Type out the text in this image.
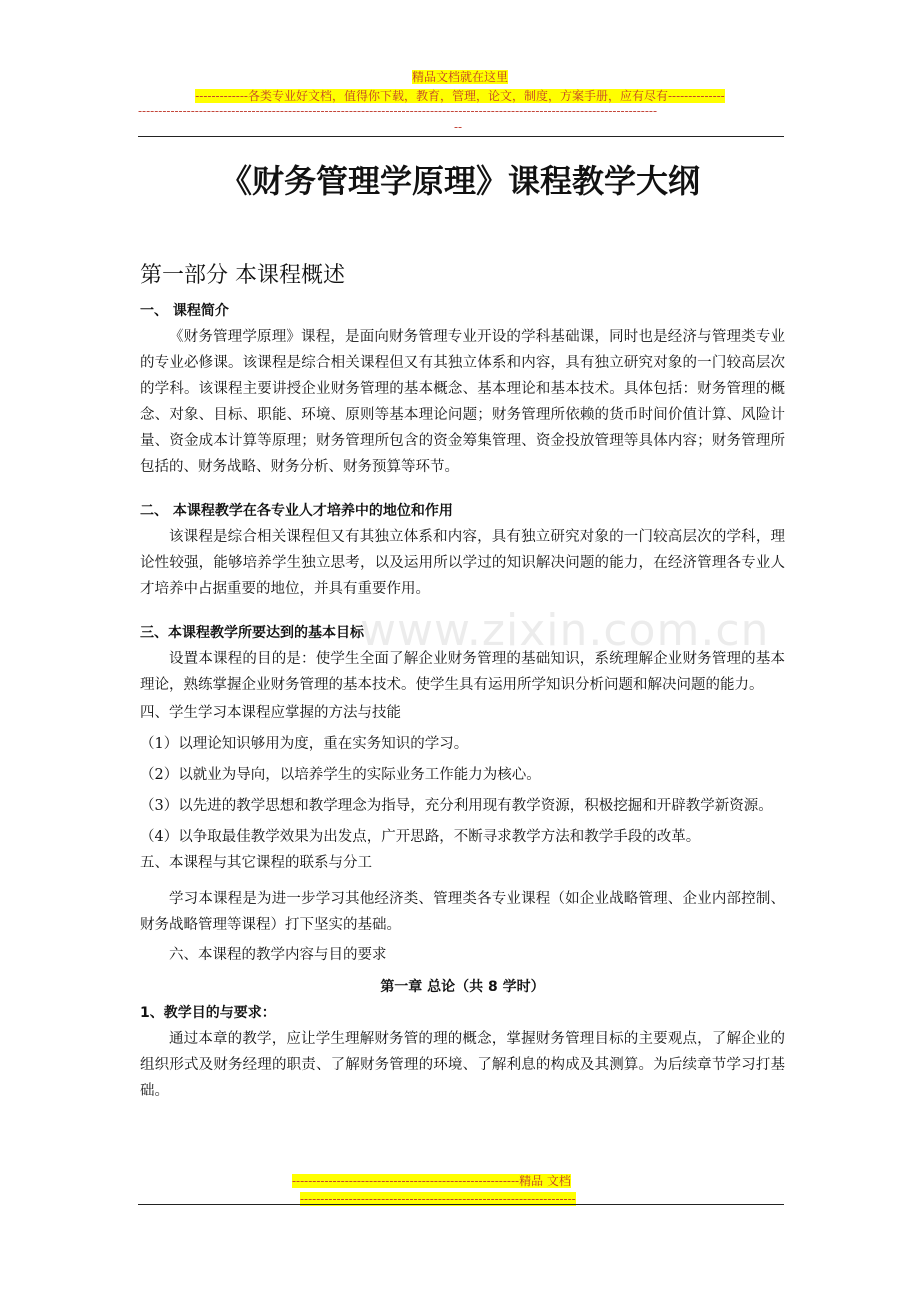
精品文档就在这里
-------------各类专业好文档，值得你下载，教育，管理，论文，制度，方案手册，应有尽有--------------
--------------------------------------------------------------------------------------------------------------------------------
--
www.zixin.com.cn
《财务管理学原理》课程教学大纲

第一部分 本课程概述

一、 课程简介

《财务管理学原理》课程，是面向财务管理专业开设的学科基础课，同时也是经济与管理类专业的专业必修课。该课程是综合相关课程但又有其独立体系和内容，具有独立研究对象的一门较高层次的学科。该课程主要讲授企业财务管理的基本概念、基本理论和基本技术。具体包括：财务管理的概念、对象、目标、职能、环境、原则等基本理论问题；财务管理所依赖的货币时间价值计算、风险计量、资金成本计算等原理；财务管理所包含的资金筹集管理、资金投放管理等具体内容；财务管理所包括的、财务战略、财务分析、财务预算等环节。

二、 本课程教学在各专业人才培养中的地位和作用

该课程是综合相关课程但又有其独立体系和内容，具有独立研究对象的一门较高层次的学科，理论性较强，能够培养学生独立思考，以及运用所以学过的知识解决问题的能力，在经济管理各专业人才培养中占据重要的地位，并具有重要作用。

三、本课程教学所要达到的基本目标

设置本课程的目的是：使学生全面了解企业财务管理的基础知识，系统理解企业财务管理的基本理论，熟练掌握企业财务管理的基本技术。使学生具有运用所学知识分析问题和解决问题的能力。

四、学生学习本课程应掌握的方法与技能

（1）以理论知识够用为度，重在实务知识的学习。

（2）以就业为导向，以培养学生的实际业务工作能力为核心。

（3）以先进的教学思想和教学理念为指导，充分利用现有教学资源，积极挖掘和开辟教学新资源。

（4）以争取最佳教学效果为出发点，广开思路，不断寻求教学方法和教学手段的改革。

五、本课程与其它课程的联系与分工

学习本课程是为进一步学习其他经济类、管理类各专业课程（如企业战略管理、企业内部控制、财务战略管理等课程）打下坚实的基础。

六、本课程的教学内容与目的要求

第一章 总论（共 8 学时）

1、教学目的与要求：

通过本章的教学，应让学生理解财务管的理的概念，掌握财务管理目标的主要观点，了解企业的组织形式及财务经理的职责、了解财务管理的环境、了解利息的构成及其测算。为后续章节学习打基础。

--------------------------------------------------------精品 文档
--------------------------------------------------------------------
